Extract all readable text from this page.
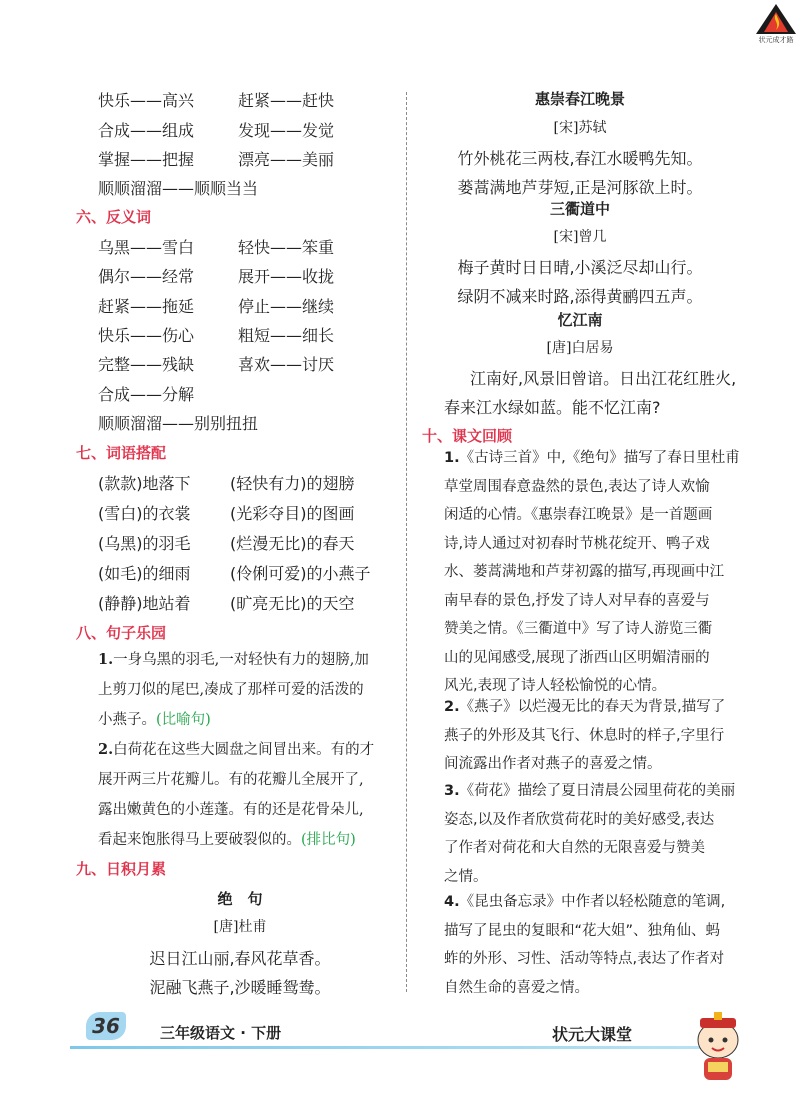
状元成才路
快乐——高兴	赶紧——赶快
合成——组成	发现——发觉
掌握——把握	漂亮——美丽
顺顺溜溜——顺顺当当
六、反义词
乌黑——雪白	轻快——笨重
偶尔——经常	展开——收拢
赶紧——拖延	停止——继续
快乐——伤心	粗短——细长
完整——残缺	喜欢——讨厌
合成——分解
顺顺溜溜——别别扭扭
七、词语搭配
(款款)地落下 (轻快有力)的翅膀
(雪白)的衣裳 (光彩夺目)的图画
(乌黑)的羽毛 (烂漫无比)的春天
(如毛)的细雨 (伶俐可爱)的小燕子
(静静)地站着 (旷亮无比)的天空
八、句子乐园
1.一身乌黑的羽毛,一对轻快有力的翅膀,加
上剪刀似的尾巴,凑成了那样可爱的活泼的
小燕子。(比喻句)
2.白荷花在这些大圆盘之间冒出来。有的才
展开两三片花瓣儿。有的花瓣儿全展开了,
露出嫩黄色的小莲蓬。有的还是花骨朵儿,
看起来饱胀得马上要破裂似的。(排比句)
九、日积月累
绝　句
[唐]杜甫
迟日江山丽,春风花草香。
泥融飞燕子,沙暖睡鸳鸯。
惠崇春江晚景
[宋]苏轼
竹外桃花三两枝,春江水暖鸭先知。
蒌蒿满地芦芽短,正是河豚欲上时。
三衢道中
[宋]曾几
梅子黄时日日晴,小溪泛尽却山行。
绿阴不减来时路,添得黄鹂四五声。
忆江南
[唐]白居易
江南好,风景旧曾谙。日出江花红胜火,
春来江水绿如蓝。能不忆江南?
十、课文回顾
1.《古诗三首》中,《绝句》描写了春日里杜甫
草堂周围春意盎然的景色,表达了诗人欢愉
闲适的心情。《惠崇春江晚景》是一首题画
诗,诗人通过对初春时节桃花绽开、鸭子戏
水、蒌蒿满地和芦芽初露的描写,再现画中江
南早春的景色,抒发了诗人对早春的喜爱与
赞美之情。《三衢道中》写了诗人游览三衢
山的见闻感受,展现了浙西山区明媚清丽的
风光,表现了诗人轻松愉悦的心情。
2.《燕子》以烂漫无比的春天为背景,描写了
燕子的外形及其飞行、休息时的样子,字里行
间流露出作者对燕子的喜爱之情。
3.《荷花》描绘了夏日清晨公园里荷花的美丽
姿态,以及作者欣赏荷花时的美好感受,表达
了作者对荷花和大自然的无限喜爱与赞美
之情。
4.《昆虫备忘录》中作者以轻松随意的笔调,
描写了昆虫的复眼和“花大姐”、独角仙、蚂
蚱的外形、习性、活动等特点,表达了作者对
自然生命的喜爱之情。
36	三年级语文 · 下册	状元大课堂
